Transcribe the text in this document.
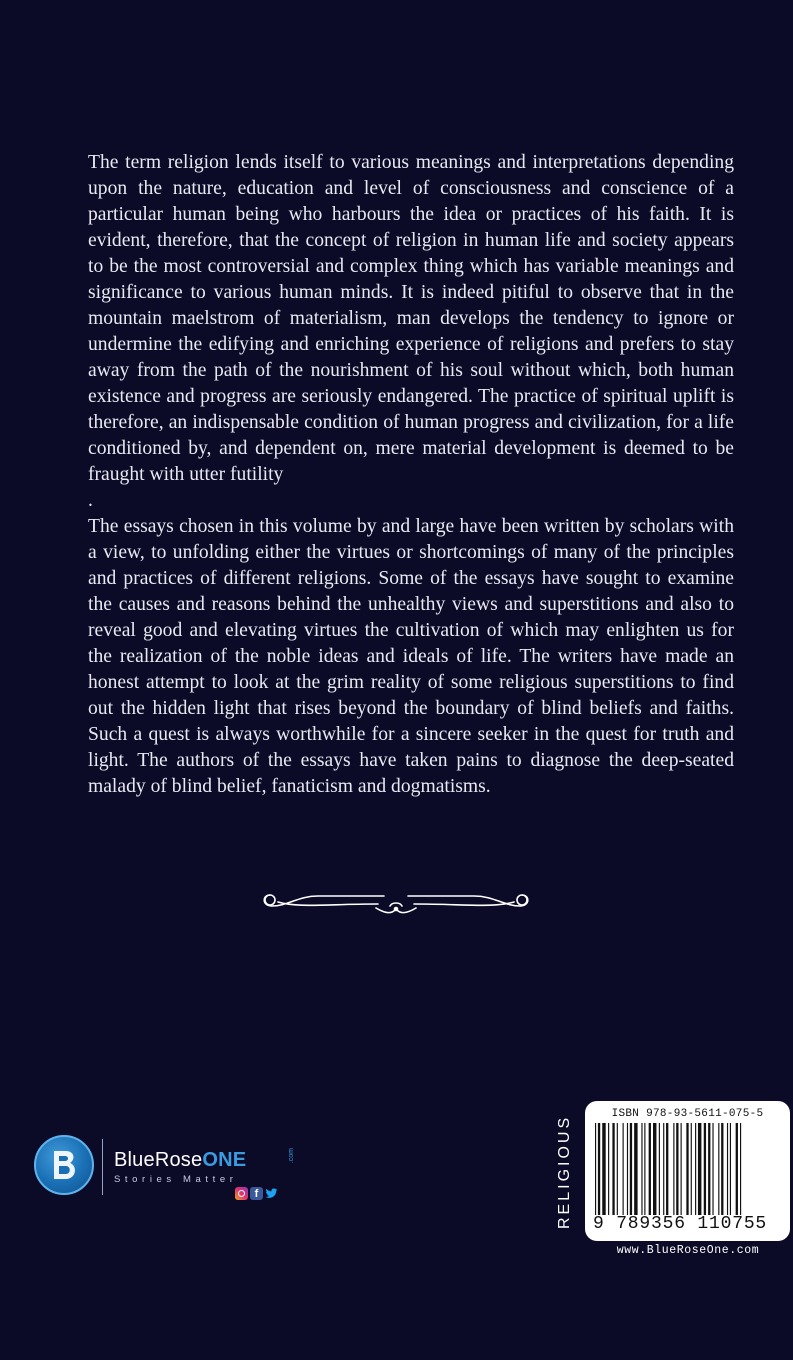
The term religion lends itself to various meanings and interpretations depending upon the nature, education and level of consciousness and conscience of a particular human being who harbours the idea or practices of his faith. It is evident, therefore, that the concept of religion in human life and society appears to be the most controversial and complex thing which has variable meanings and significance to various human minds. It is indeed pitiful to observe that in the mountain maelstrom of materialism, man develops the tendency to ignore or undermine the edifying and enriching experience of religions and prefers to stay away from the path of the nourishment of his soul without which, both human existence and progress are seriously endangered. The practice of spiritual uplift is therefore, an indispensable condition of human progress and civilization, for a life conditioned by, and dependent on, mere material development is deemed to be fraught with utter futility

.

The essays chosen in this volume by and large have been written by scholars with a view, to unfolding either the virtues or shortcomings of many of the principles and practices of different religions. Some of the essays have sought to examine the causes and reasons behind the unhealthy views and superstitions and also to reveal good and elevating virtues the cultivation of which may enlighten us for the realization of the noble ideas and ideals of life. The writers have made an honest attempt to look at the grim reality of some religious superstitions to find out the hidden light that rises beyond the boundary of blind beliefs and faiths. Such a quest is always worthwhile for a sincere seeker in the quest for truth and light. The authors of the essays have taken pains to diagnose the deep-seated malady of blind belief, fanaticism and dogmatisms.

BlueRoseONE	.com
Stories Matter
f	RELIGIOUS
ISBN 978-93-5611-075-5
9 789356 110755
www.BlueRoseOne.com
